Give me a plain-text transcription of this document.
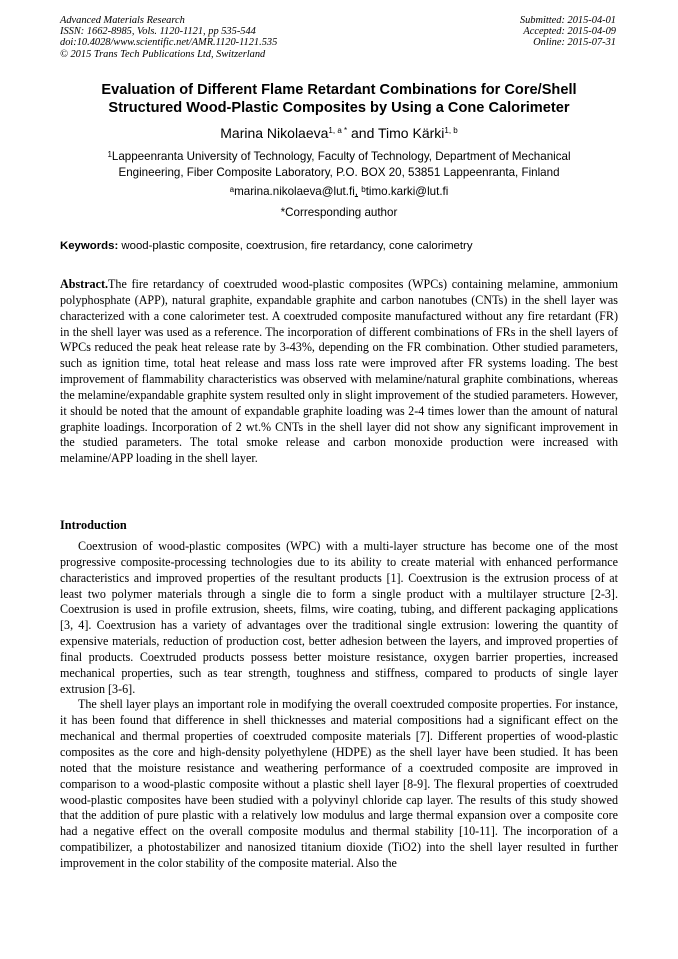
Advanced Materials Research
ISSN: 1662-8985, Vols. 1120-1121, pp 535-544
doi:10.4028/www.scientific.net/AMR.1120-1121.535
© 2015 Trans Tech Publications Ltd, Switzerland
Submitted: 2015-04-01
Accepted: 2015-04-09
Online: 2015-07-31
Evaluation of Different Flame Retardant Combinations for Core/Shell
Structured Wood-Plastic Composites by Using a Cone Calorimeter
Marina Nikolaeva$^{1, a *}$ and Timo Kärki$^{1, b}$
$^1$Lappeenranta University of Technology, Faculty of Technology, Department of Mechanical
Engineering, Fiber Composite Laboratory, P.O. BOX 20, 53851 Lappeenranta, Finland
$^a$marina.nikolaeva@lut.fi, $^b$timo.karki@lut.fi
*Corresponding author
Keywords: wood-plastic composite, coextrusion, fire retardancy, cone calorimetry
Abstract.The fire retardancy of coextruded wood-plastic composites (WPCs) containing melamine, ammonium polyphosphate (APP), natural graphite, expandable graphite and carbon nanotubes (CNTs) in the shell layer was characterized with a cone calorimeter test. A coextruded composite manufactured without any fire retardant (FR) in the shell layer was used as a reference. The incorporation of different combinations of FRs in the shell layers of WPCs reduced the peak heat release rate by 3-43%, depending on the FR combination. Other studied parameters, such as ignition time, total heat release and mass loss rate were improved after FR systems loading. The best improvement of flammability characteristics was observed with melamine/natural graphite combinations, whereas the melamine/expandable graphite system resulted only in slight improvement of the studied parameters. However, it should be noted that the amount of expandable graphite loading was 2-4 times lower than the amount of natural graphite loadings. Incorporation of 2 wt.% CNTs in the shell layer did not show any significant improvement in the studied parameters. The total smoke release and carbon monoxide production were increased with melamine/APP loading in the shell layer.
Introduction

Coextrusion of wood-plastic composites (WPC) with a multi-layer structure has become one of the most progressive composite-processing technologies due to its ability to create material with enhanced performance characteristics and improved properties of the resultant products [1]. Coextrusion is the extrusion process of at least two polymer materials through a single die to form a single product with a multilayer structure [2-3]. Coextrusion is used in profile extrusion, sheets, films, wire coating, tubing, and different packaging applications [3, 4]. Coextrusion has a variety of advantages over the traditional single extrusion: lowering the quantity of expensive materials, reduction of production cost, better adhesion between the layers, and improved properties of final products. Coextruded products possess better moisture resistance, oxygen barrier properties, increased mechanical properties, such as tear strength, toughness and stiffness, compared to products of single layer extrusion [3-6].

The shell layer plays an important role in modifying the overall coextruded composite properties. For instance, it has been found that difference in shell thicknesses and material compositions had a significant effect on the mechanical and thermal properties of coextruded composite materials [7]. Different properties of wood-plastic composites as the core and high-density polyethylene (HDPE) as the shell layer have been studied. It has been noted that the moisture resistance and weathering performance of a coextruded composite are improved in comparison to a wood-plastic composite without a plastic shell layer [8-9]. The flexural properties of coextruded wood-plastic composites have been studied with a polyvinyl chloride cap layer. The results of this study showed that the addition of pure plastic with a relatively low modulus and large thermal expansion over a composite core had a negative effect on the overall composite modulus and thermal stability [10-11]. The incorporation of a compatibilizer, a photostabilizer and nanosized titanium dioxide (TiO2) into the shell layer resulted in further improvement in the color stability of the composite material. Also the
